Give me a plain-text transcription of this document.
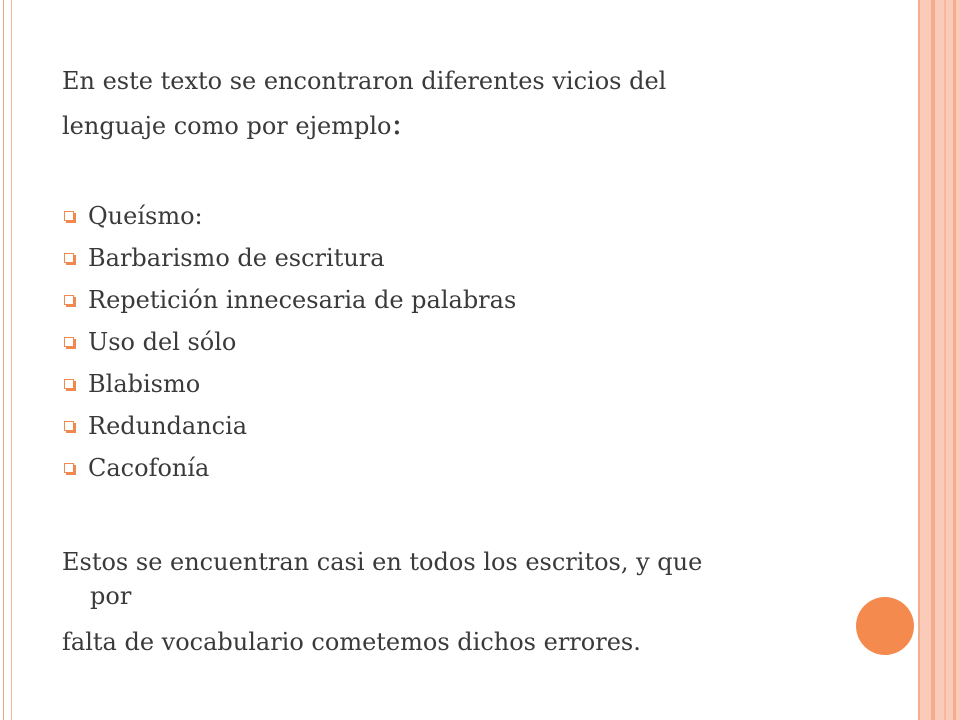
En este texto se encontraron diferentes vicios del
lenguaje como por ejemplo:
Queísmo:
Barbarismo de escritura
Repetición innecesaria de palabras
Uso del sólo
Blabismo
Redundancia
Cacofonía
Estos se encuentran casi en todos los escritos, y que
por
falta de vocabulario cometemos dichos errores.
